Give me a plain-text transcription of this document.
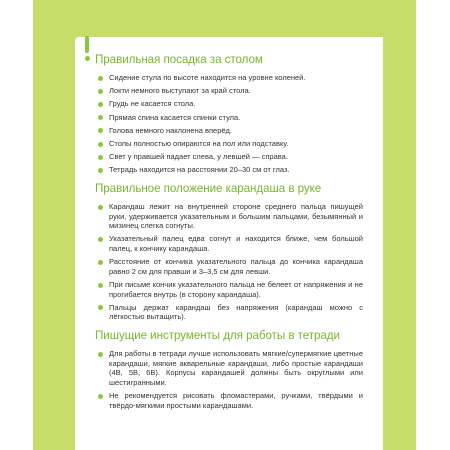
Правильная посадка за столом
Сидение стула по высоте находится на уровне коленей.
Локти немного выступают за край стола.
Грудь не касается стола.
Прямая спина касается спинки стула.
Голова немного наклонена вперёд.
Стопы полностью опираются на пол или подставку.
Свет у правшей падает слева, у левшей — справа.
Тетрадь находится на расстоянии 20–30 см от глаз.
Правильное положение карандаша в руке
Карандаш лежит на внутренней стороне среднего пальца пишущей руки, удерживается указательным и большим пальцами, безымянный и мизинец слегка согнуты.
Указательный палец едва согнут и находится ближе, чем большой палец, к кончику карандаша.
Расстояние от кончика указательного пальца до кончика карандаша равно 2 см для правши и 3–3,5 см для левши.
При письме кончик указательного пальца не белеет от напряжения и не прогибается внутрь (в сторону карандаша).
Пальцы держат карандаш без напряжения (карандаш можно с лёгкостью вытащить).
Пишущие инструменты для работы в тетради
Для работы в тетради лучше использовать мягкие/супермягкие цветные карандаши, мягкие акварельные карандаши, либо простые карандаши (4B, 5B, 6B). Корпусы карандашей должны быть округлыми или шестигранными.
Не рекомендуется рисовать фломастерами, ручками, твёрдыми и твёрдо-мягкими простыми карандашами.
